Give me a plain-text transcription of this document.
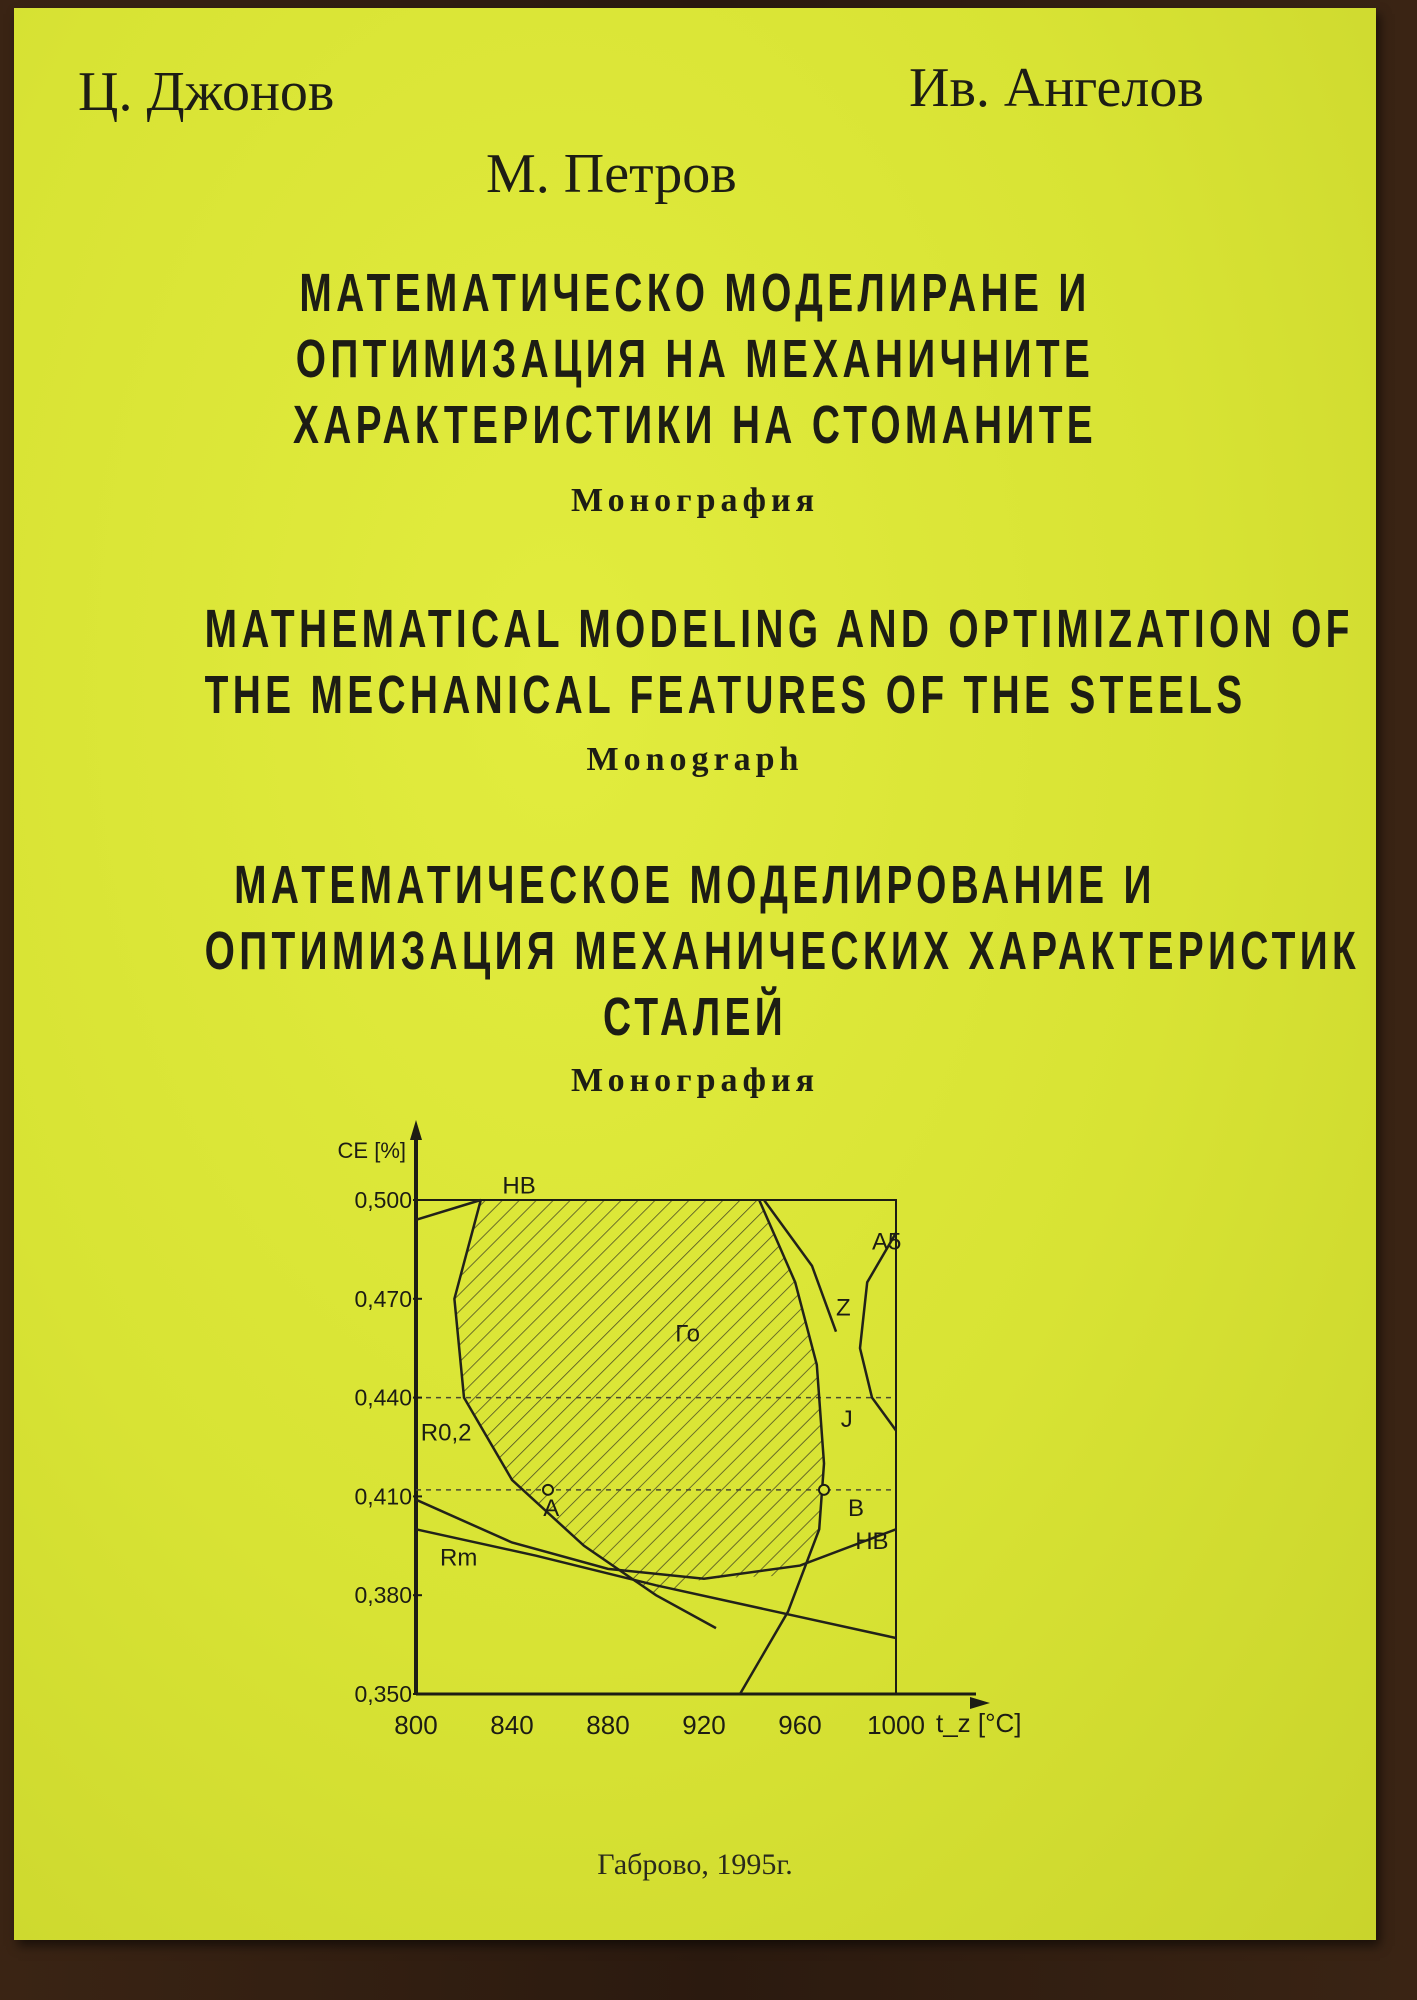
Ц. Джонов	Ив. Ангелов
М. Петров
МАТЕМАТИЧЕСКО МОДЕЛИРАНЕ И
ОПТИМИЗАЦИЯ НА МЕХАНИЧНИТЕ
ХАРАКТЕРИСТИКИ НА СТОМАНИТЕ
Монография
MATHEMATICAL MODELING AND OPTIMIZATION OF
THE MECHANICAL FEATURES OF THE STEELS
Monograph
МАТЕМАТИЧЕСКОЕ МОДЕЛИРОВАНИЕ И
ОПТИМИЗАЦИЯ МЕХАНИЧЕСКИХ ХАРАКТЕРИСТИК
СТАЛЕЙ
Монография
0,350
0,380
0,410
0,440
0,470
0,500
800 840 880 920 960 1000
HB
A5
Z
Го
J
R0,2
A	B
HB
Rm
CE [%]
t_z [°C]
Габрово, 1995г.
